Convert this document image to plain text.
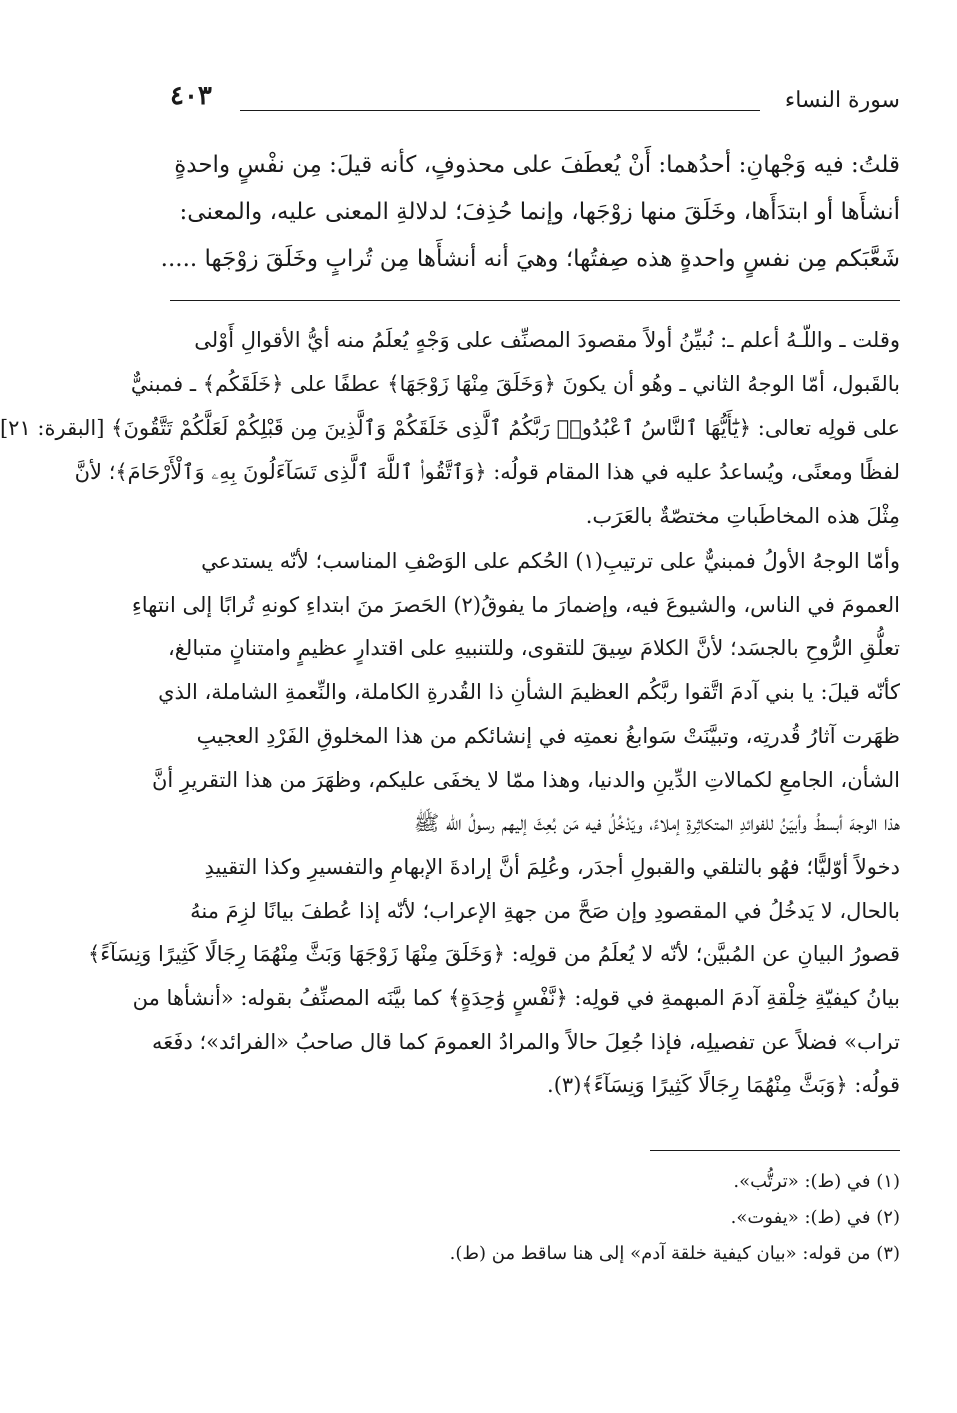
سورة النساء
٤٠٣
قلتُ: فيه وَجْهانِ: أحدُهما: أَنْ يُعطَفَ على محذوفٍ، كأنه قيلَ: مِن نفْسٍ واحدةٍ
أنشأَها أو ابتدَأَها، وخَلَقَ منها زوْجَها، وإنما حُذِفَ؛ لدلالةِ المعنى عليه، والمعنى:
شَعَّبَكم مِن نفسٍ واحدةٍ هذه صِفتُها؛ وهيَ أنه أنشأَها مِن تُرابٍ وخَلَقَ زوْجَها .....
وقلت ـ واللّـهُ أعلم ـ: نُبيِّنُ أولاً مقصودَ المصنِّف على وَجْهٍ يُعلَمُ منه أيُّ الأقوالِ أَوْلى
بالقَبول، أمّا الوجهُ الثاني ـ وهُو أن يكونَ ﴿وَخَلَقَ مِنْهَا زَوْجَهَا﴾ عطفًا على ﴿خَلَقَكُم﴾ ـ فمبنيٌّ
على قولِه تعالى: ﴿يَٰٓأَيُّهَا ٱلنَّاسُ ٱعْبُدُوا۟ رَبَّكُمُ ٱلَّذِى خَلَقَكُمْ وَٱلَّذِينَ مِن قَبْلِكُمْ لَعَلَّكُمْ تَتَّقُونَ﴾ [البقرة: ٢١]
لفظًا ومعنًى، ويُساعدُ عليه في هذا المقام قولُه: ﴿وَٱتَّقُوا۟ ٱللَّهَ ٱلَّذِى تَسَآءَلُونَ بِهِۦ وَٱلْأَرْحَامَ﴾؛ لأنَّ
مِثْلَ هذه المخاطَباتِ مختصّةٌ بالعَرَب.
وأمّا الوجهُ الأولُ فمبنيٌّ على ترتيبِ(١) الحُكم على الوَصْفِ المناسب؛ لأنّه يستدعي
العمومَ في الناس، والشيوعَ فيه، وإضمارَ ما يفوقُ(٢) الحَصرَ منَ ابتداءِ كونهِ تُرابًا إلى انتهاءِ
تعلُّقِ الرُّوحِ بالجسَد؛ لأنَّ الكلامَ سِيقَ للتقوى، وللتنبيهِ على اقتدارٍ عظيمٍ وامتنانٍ متبالغ،
كأنّه قيلَ: يا بني آدمَ اتَّقوا ربَّكُم العظيمَ الشأنِ ذا القُدرةِ الكاملة، والنِّعمةِ الشاملة، الذي
ظهَرت آثارُ قُدرتِه، وتبيَّنَتْ سَوابغُ نعمتِه في إنشائكم من هذا المخلوقِ الفَرْدِ العجيبِ
الشأن، الجامعِ لكمالاتِ الدِّينِ والدنيا، وهذا ممّا لا يخفَى عليكم، وظهَرَ من هذا التقريرِ أنَّ
هذا الوجهَ أبسطُ وأبيَنُ للفوائدِ المتكاثِرةِ إملاءً، ويَدْخُلُ فيه مَن بُعِثَ إليهم رسولُ الله ﷺ
دخولاً أوّليًّا؛ فهُو بالتلقي والقبولِ أجدَر، وعُلِمَ أنَّ إرادةَ الإبهامِ والتفسيرِ وكذا التقييدِ
بالحال، لا يَدخُلُ في المقصودِ وإن صَحَّ من جهةِ الإعراب؛ لأنّه إذا عُطفَ بيانًا لزِمَ منهُ
قصورُ البيانِ عن المُبيَّن؛ لأنّه لا يُعلَمُ من قولِه: ﴿وَخَلَقَ مِنْهَا زَوْجَهَا وَبَثَّ مِنْهُمَا رِجَالًا كَثِيرًا وَنِسَآءً﴾
بيانُ كيفيّةِ خِلْقةِ آدمَ المبهمةِ في قولِه: ﴿نَّفْسٍ وَٰحِدَةٍ﴾ كما بيَّنَه المصنِّفُ بقوله: «أنشأها من
تراب» فضلاً عن تفصيلِه، فإذا جُعِلَ حالاً والمرادُ العمومَ كما قال صاحبُ «الفرائد»؛ دفَعَه
قولُه: ﴿وَبَثَّ مِنْهُمَا رِجَالًا كَثِيرًا وَنِسَآءً﴾(٣).
(١) في (ط): «ترتُّب».
(٢) في (ط): «يفوت».
(٣) من قوله: «بيان كيفية خلقة آدم» إلى هنا ساقط من (ط).
